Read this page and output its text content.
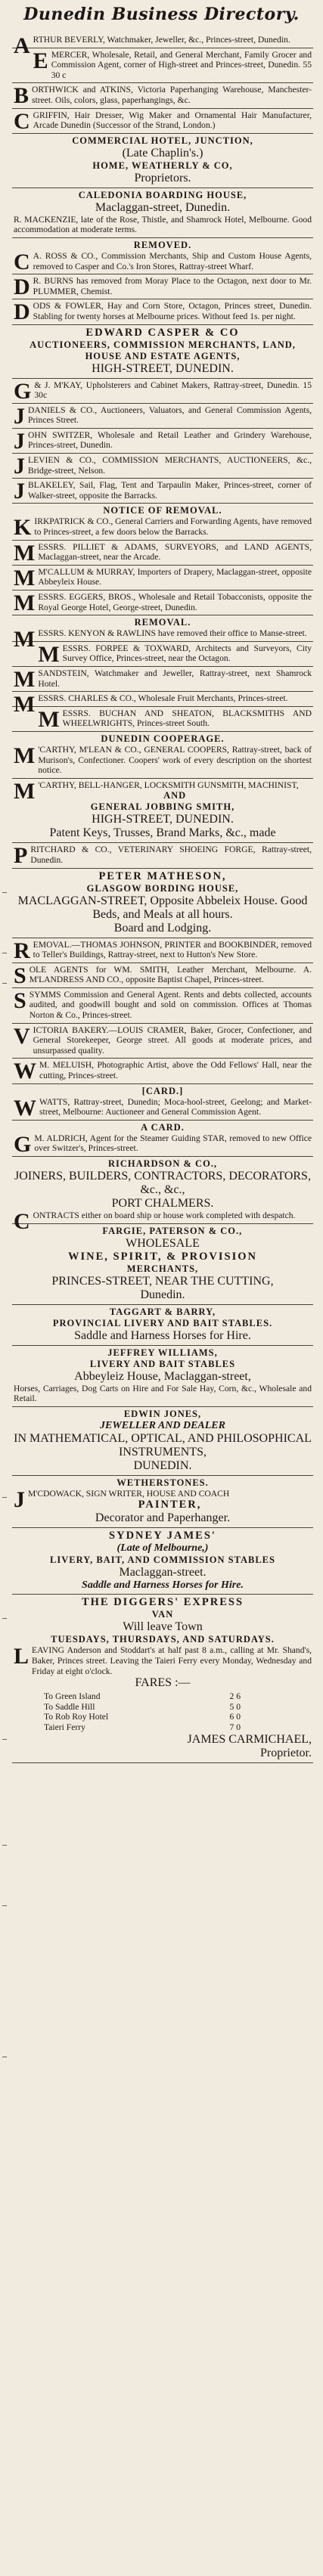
Dunedin Business Directory.

ARTHUR BEVERLY, Watchmaker, Jeweller, &c., Princes-street, Dunedin.

EMERCER, Wholesale, Retail, and General Merchant, Family Grocer and Commission Agent, corner of High-street and Princes-street, Dunedin. 55 30 c

BORTHWICK and ATKINS, Victoria Paperhanging Warehouse, Manchester-street. Oils, colors, glass, paperhangings, &c.

CGRIFFIN, Hair Dresser, Wig Maker and Ornamental Hair Manufacturer, Arcade Dunedin (Successor of the Strand, London.)

COMMERCIAL HOTEL, JUNCTION,
(Late Chaplin's.)
HOME, WEATHERLY & CO,
Proprietors.
CALEDONIA BOARDING HOUSE,
Maclaggan-street, Dunedin.

R. MACKENZIE, late of the Rose, Thistle, and Shamrock Hotel, Melbourne. Good accommodation at moderate terms.

REMOVED.

C A. ROSS & CO., Commission Merchants, Ship and Custom House Agents, removed to Casper and Co.'s Iron Stores, Rattray-street Wharf.

D R. BURNS has removed from Moray Place to the Octagon, next door to Mr. PLUMMER, Chemist.

DODS & FOWLER, Hay and Corn Store, Octagon, Princes street, Dunedin. Stabling for twenty horses at Melbourne prices. Without feed 1s. per night.

EDWARD CASPER & CO
AUCTIONEERS, COMMISSION MERCHANTS, LAND, HOUSE AND ESTATE AGENTS,
HIGH-STREET, DUNEDIN.

G & J. M'KAY, Upholsterers and Cabinet Makers, Rattray-street, Dunedin. 15 30c

JDANIELS & CO., Auctioneers, Valuators, and General Commission Agents, Princes Street.

JOHN SWITZER, Wholesale and Retail Leather and Grindery Warehouse, Princes-street, Dunedin.

JLEVIEN & CO., COMMISSION MERCHANTS, AUCTIONEERS, &c., Bridge-street, Nelson.

JBLAKELEY, Sail, Flag, Tent and Tarpaulin Maker, Princes-street, corner of Walker-street, opposite the Barracks.

NOTICE OF REMOVAL.

KIRKPATRICK & CO., General Carriers and Forwarding Agents, have removed to Princes-street, a few doors below the Barracks.

MESSRS. PILLIET & ADAMS, SURVEYORS, and LAND AGENTS, Maclaggan-street, near the Arcade.

M M'CALLUM & MURRAY, Importers of Drapery, Maclaggan-street, opposite Abbeyleix House.

MESSRS. EGGERS, BROS., Wholesale and Retail Tobacconists, opposite the Royal George Hotel, George-street, Dunedin.

REMOVAL.

MESSRS. KENYON & RAWLINS have removed their office to Manse-street.

MESSRS. FORPEE & TOXWARD, Architects and Surveyors, City Survey Office, Princes-street, near the Octagon.

MSANDSTEIN, Watchmaker and Jeweller, Rattray-street, next Shamrock Hotel.

MESSRS. CHARLES & CO., Wholesale Fruit Merchants, Princes-street.

MESSRS. BUCHAN AND SHEATON, BLACKSMITHS AND WHEELWRIGHTS, Princes-street South.

DUNEDIN COOPERAGE.

M 'CARTHY, M'LEAN & CO., GENERAL COOPERS, Rattray-street, back of Murison's, Confectioner. Coopers' work of every description on the shortest notice.

M 'CARTHY, BELL-HANGER, LOCKSMITH GUNSMITH, MACHINIST,

AND
GENERAL JOBBING SMITH,
HIGH-STREET, DUNEDIN.
Patent Keys, Trusses, Brand Marks, &c., made

PRITCHARD & CO., VETERINARY SHOEING FORGE, Rattray-street, Dunedin.

PETER MATHESON,
GLASGOW BORDING HOUSE,
MACLAGGAN-STREET, Opposite Abbeleix House. Good Beds, and Meals at all hours.
Board and Lodging.

REMOVAL.—THOMAS JOHNSON, PRINTER and BOOKBINDER, removed to Teller's Buildings, Rattray-street, next to Hutton's New Store.

SOLE AGENTS for WM. SMITH, Leather Merchant, Melbourne. A. M'LANDRESS AND CO., opposite Baptist Chapel, Princes-street.

SSYMMS Commission and General Agent. Rents and debts collected, accounts audited, and goodwill bought and sold on commission. Offices at Thomas Norton & Co., Princes-street.

VICTORIA BAKERY.—LOUIS CRAMER, Baker, Grocer, Confectioner, and General Storekeeper, George street. All goods at moderate prices, and unsurpassed quality.

W M. MELUISH, Photographic Artist, above the Odd Fellows' Hall, near the cutting, Princes-street.

[CARD.]

WWATTS, Rattray-street, Dunedin; Moca-hool-street, Geelong; and Market-street, Melbourne: Auctioneer and General Commission Agent.

A CARD.

G M. ALDRICH, Agent for the Steamer Guiding STAR, removed to new Office over Switzer's, Princes-street.

RICHARDSON & CO.,
JOINERS, BUILDERS, CONTRACTORS, DECORATORS, &c., &c.,
PORT CHALMERS.

CONTRACTS either on board ship or house work completed with despatch.

FARGIE, PATERSON & CO.,
WHOLESALE
WINE, SPIRIT, & PROVISION
MERCHANTS,
PRINCES-STREET, NEAR THE CUTTING,
Dunedin.
TAGGART & BARRY,
PROVINCIAL LIVERY AND BAIT STABLES.
Saddle and Harness Horses for Hire.
JEFFREY WILLIAMS,
LIVERY AND BAIT STABLES
Abbeyleiz House, Maclaggan-street,

Horses, Carriages, Dog Carts on Hire and For Sale Hay, Corn, &c., Wholesale and Retail.

EDWIN JONES,
JEWELLER AND DEALER
IN MATHEMATICAL, OPTICAL, AND PHILOSOPHICAL INSTRUMENTS,
DUNEDIN.
WETHERSTONES.

J M'CDOWACK, SIGN WRITER, HOUSE AND COACH

PAINTER,
Decorator and Paperhanger.
SYDNEY JAMES'
(Late of Melbourne,)
LIVERY, BAIT, AND COMMISSION STABLES
Maclaggan-street.
Saddle and Harness Horses for Hire.
THE DIGGERS' EXPRESS
VAN
Will leave Town
TUESDAYS, THURSDAYS, AND SATURDAYS.

LEAVING Anderson and Stoddart's at half past 8 a.m., calling at Mr. Shand's, Baker, Princes street. Leaving the Taieri Ferry every Monday, Wednesday and Friday at eight o'clock.

FARES :—
To Green Island	2 6
To Saddle Hill	5 0
To Rob Roy Hotel	6 0
Taieri Ferry	7 0
JAMES CARMICHAEL,
Proprietor.
